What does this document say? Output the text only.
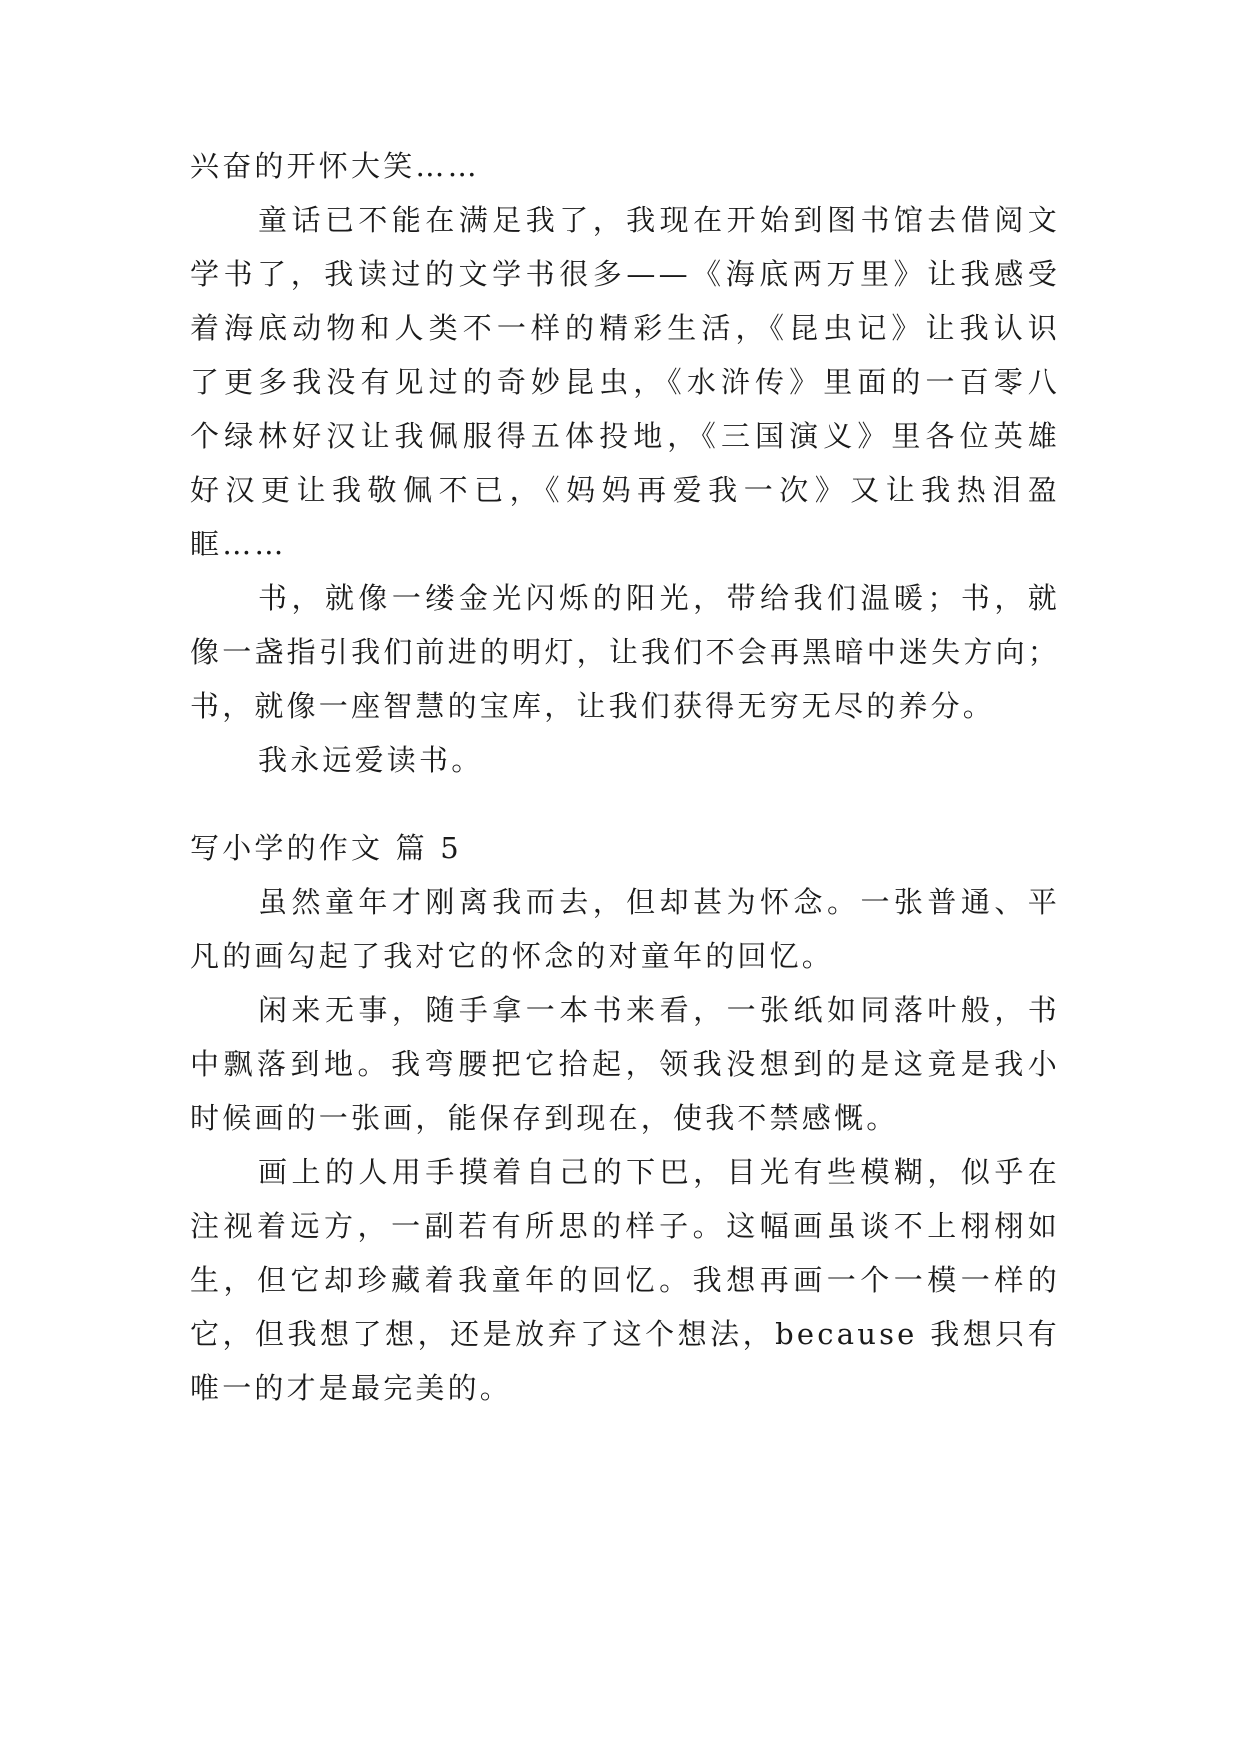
兴奋的开怀大笑……
童话已不能在满足我了，我现在开始到图书馆去借阅文
学书了，我读过的文学书很多——《海底两万里》让我感受
着海底动物和人类不一样的精彩生活，《昆虫记》让我认识
了更多我没有见过的奇妙昆虫，《水浒传》里面的一百零八
个绿林好汉让我佩服得五体投地，《三国演义》里各位英雄
好汉更让我敬佩不已，《妈妈再爱我一次》又让我热泪盈
眶……
书，就像一缕金光闪烁的阳光，带给我们温暖；书，就
像一盏指引我们前进的明灯，让我们不会再黑暗中迷失方向；
书，就像一座智慧的宝库，让我们获得无穷无尽的养分。
我永远爱读书。
写小学的作文 篇 5
虽然童年才刚离我而去，但却甚为怀念。一张普通、平
凡的画勾起了我对它的怀念的对童年的回忆。
闲来无事，随手拿一本书来看，一张纸如同落叶般，书
中飘落到地。我弯腰把它拾起，领我没想到的是这竟是我小
时候画的一张画，能保存到现在，使我不禁感慨。
画上的人用手摸着自己的下巴，目光有些模糊，似乎在
注视着远方，一副若有所思的样子。这幅画虽谈不上栩栩如
生，但它却珍藏着我童年的回忆。我想再画一个一模一样的
它，但我想了想，还是放弃了这个想法，because 我想只有
唯一的才是最完美的。
